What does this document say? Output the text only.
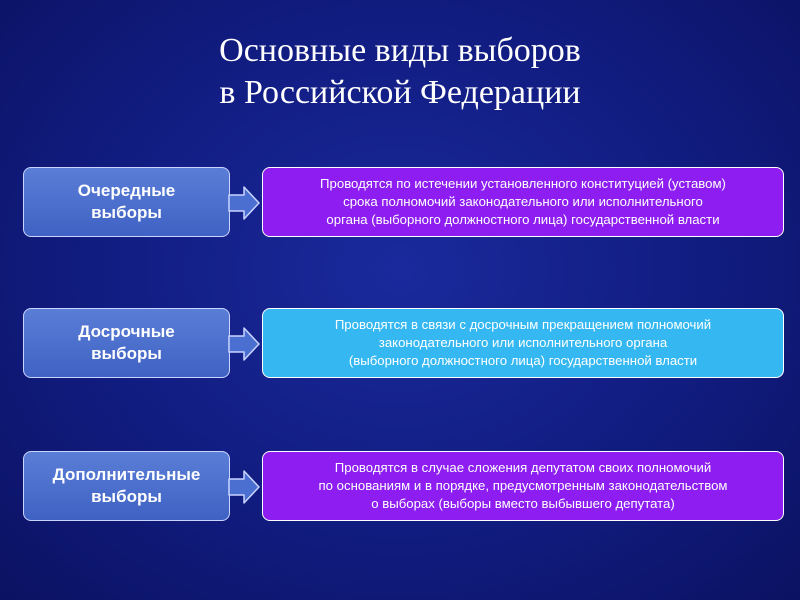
Основные виды выборов
в Российской Федерации
Очередные
выборы
Проводятся по истечении установленного конституцией (уставом)
срока полномочий законодательного или исполнительного
органа (выборного должностного лица) государственной власти
Досрочные
выборы
Проводятся в связи с досрочным прекращением полномочий
законодательного или исполнительного органа
(выборного должностного лица) государственной власти
Дополнительные
выборы
Проводятся в случае сложения депутатом своих полномочий
по основаниям и в порядке, предусмотренным законодательством
о выборах (выборы вместо выбывшего депутата)
